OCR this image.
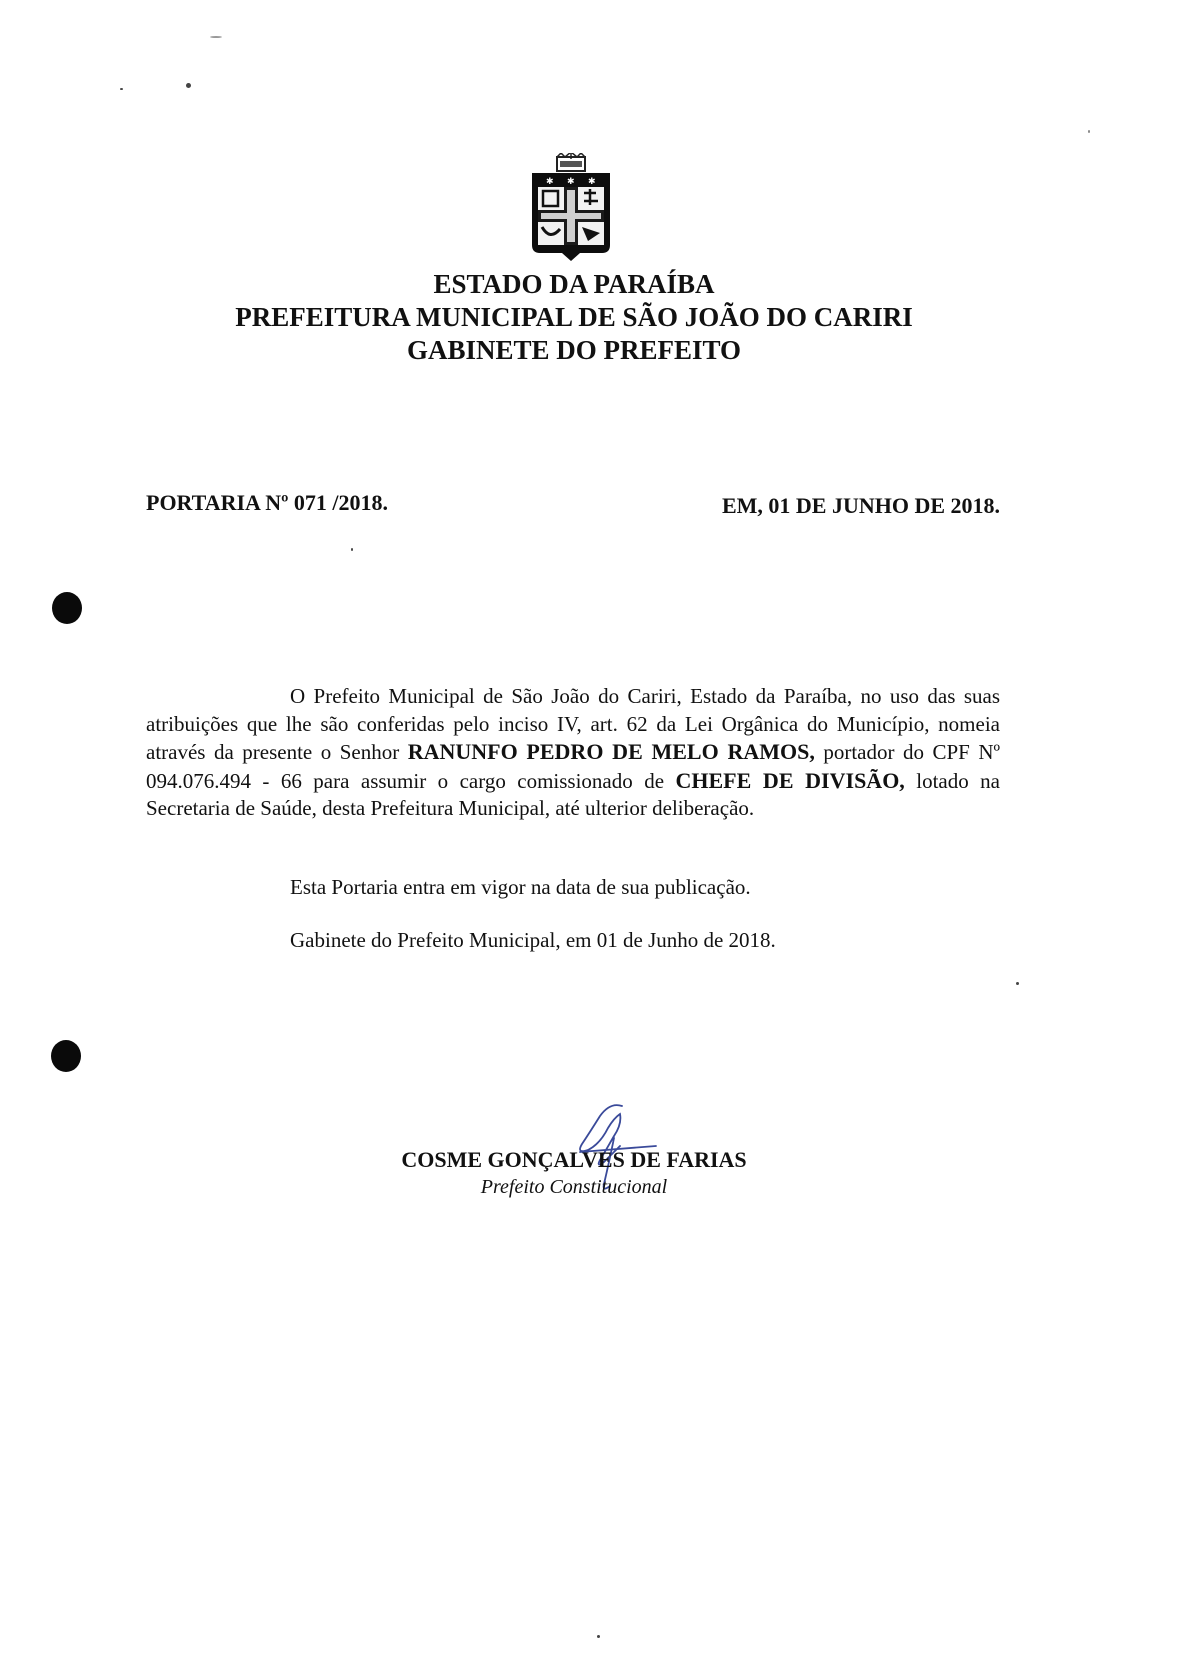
✱ ✱ ✱
ESTADO DA PARAÍBA
PREFEITURA MUNICIPAL DE SÃO JOÃO DO CARIRI
GABINETE DO PREFEITO
PORTARIA Nº 071 /2018.	EM, 01 DE JUNHO DE 2018.
O Prefeito Municipal de São João do Cariri, Estado da Paraíba, no uso das suas atribuições que lhe são conferidas pelo inciso IV, art. 62 da Lei Orgânica do Município, nomeia através da presente o Senhor RANUNFO PEDRO DE MELO RAMOS, portador do CPF Nº 094.076.494 - 66 para assumir o cargo comissionado de CHEFE DE DIVISÃO, lotado na Secretaria de Saúde, desta Prefeitura Municipal, até ulterior deliberação.
Esta Portaria entra em vigor na data de sua publicação.
Gabinete do Prefeito Municipal, em 01 de Junho de 2018.
COSME GONÇALVES DE FARIAS
Prefeito Constitucional
